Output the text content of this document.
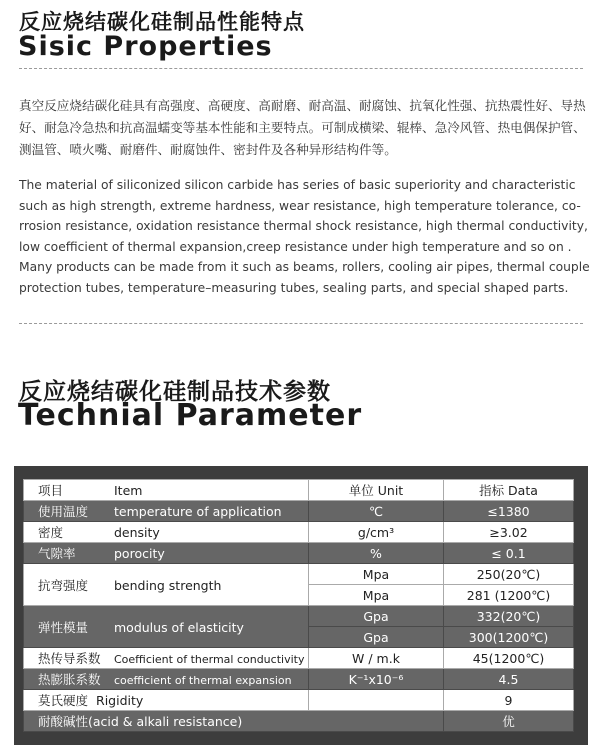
反应烧结碳化硅制品性能特点
Sisic Properties

真空反应烧结碳化硅具有高强度、高硬度、高耐磨、耐高温、耐腐蚀、抗氧化性强、抗热震性好、导热好、耐急冷急热和抗高温蠕变等基本性能和主要特点。可制成横梁、辊棒、急冷风管、热电偶保护管、测温管、喷火嘴、耐磨件、耐腐蚀件、密封件及各种异形结构件等。

The material of siliconized silicon carbide has series of basic superiority and characteristic
such as high strength, extreme hardness, wear resistance, high temperature tolerance, co-
rrosion resistance, oxidation resistance thermal shock resistance, high thermal conductivity,
low coefficient of thermal expansion,creep resistance under high temperature and so on .
Many products can be made from it such as beams, rollers, cooling air pipes, thermal couple
protection tubes, temperature–measuring tubes, sealing parts, and special shaped parts.

反应烧结碳化硅制品技术参数
Technial Parameter
项目 Item	单位 Unit	指标 Data
使用温度 temperature of application	℃	≤1380
密度 density	g/cm³	≥3.02
气隙率 porocity	%	≤ 0.1
抗弯强度 bending strength	Mpa	250(20℃)
	Mpa	281 (1200℃)
弹性模量 modulus of elasticity	Gpa	332(20℃)
	Gpa	300(1200℃)
热传导系数 Coefficient of thermal conductivity	W / m.k	45(1200℃)
热膨胀系数 coefficient of thermal expansion	K⁻¹x10⁻⁶	4.5
莫氏硬度 Rigidity		9
耐酸碱性(acid & alkali resistance)		优
